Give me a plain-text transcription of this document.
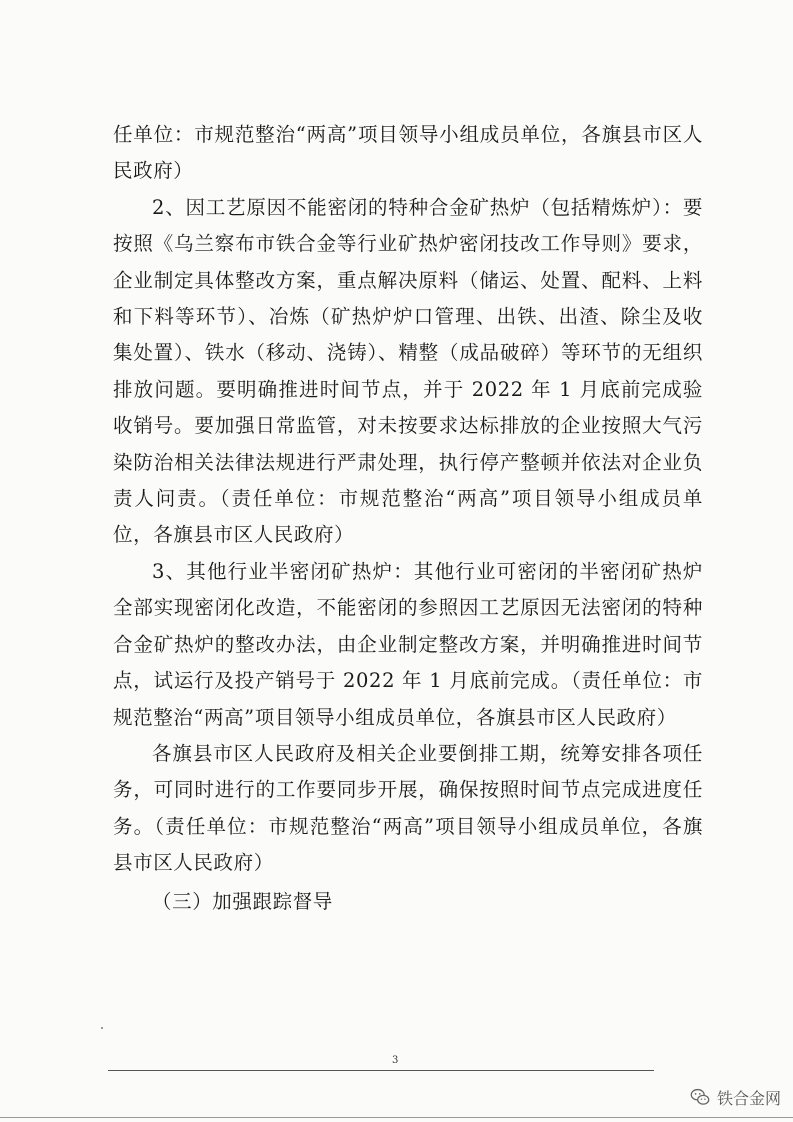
任单位：市规范整治“两高”项目领导小组成员单位，各旗县市区人民政府）

2、因工艺原因不能密闭的特种合金矿热炉（包括精炼炉）：要按照《乌兰察布市铁合金等行业矿热炉密闭技改工作导则》要求，企业制定具体整改方案，重点解决原料（储运、处置、配料、上料和下料等环节）、冶炼（矿热炉炉口管理、出铁、出渣、除尘及收集处置）、铁水（移动、浇铸）、精整（成品破碎）等环节的无组织排放问题。要明确推进时间节点，并于 2022 年 1 月底前完成验收销号。要加强日常监管，对未按要求达标排放的企业按照大气污染防治相关法律法规进行严肃处理，执行停产整顿并依法对企业负责人问责。（责任单位：市规范整治“两高”项目领导小组成员单位，各旗县市区人民政府）

3、其他行业半密闭矿热炉：其他行业可密闭的半密闭矿热炉全部实现密闭化改造，不能密闭的参照因工艺原因无法密闭的特种合金矿热炉的整改办法，由企业制定整改方案，并明确推进时间节点，试运行及投产销号于 2022 年 1 月底前完成。（责任单位：市规范整治“两高”项目领导小组成员单位，各旗县市区人民政府）

各旗县市区人民政府及相关企业要倒排工期，统筹安排各项任务，可同时进行的工作要同步开展，确保按照时间节点完成进度任务。（责任单位：市规范整治“两高”项目领导小组成员单位，各旗县市区人民政府）

（三）加强跟踪督导

3
铁合金网
